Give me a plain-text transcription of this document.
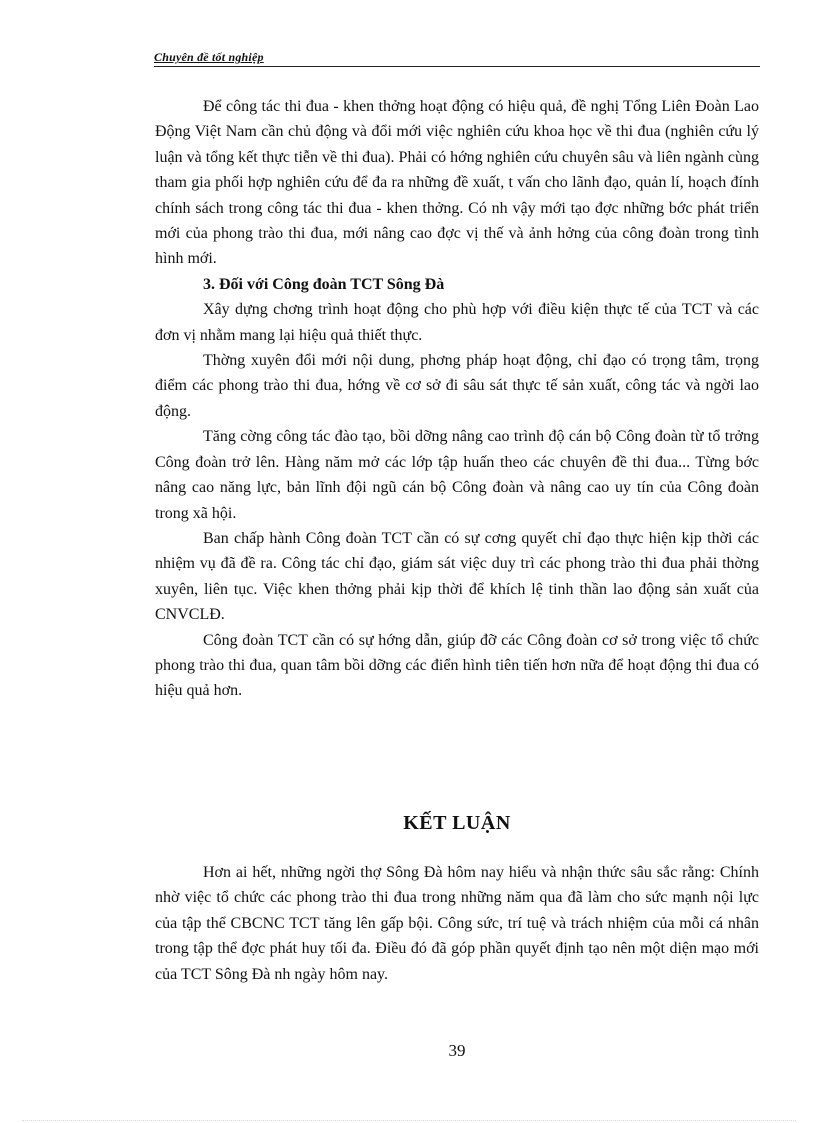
Chuyên đề tốt nghiệp

Để công tác thi đua - khen thởng hoạt động có hiệu quả, đề nghị Tổng Liên Đoàn Lao Động Việt Nam cần chủ động và đổi mới việc nghiên cứu khoa học về thi đua (nghiên cứu lý luận và tổng kết thực tiễn về thi đua). Phải có hớng nghiên cứu chuyên sâu và liên ngành cùng tham gia phối hợp nghiên cứu để đa ra những đề xuất, t vấn cho lãnh đạo, quản lí, hoạch đính chính sách trong công tác thi đua - khen thởng. Có nh vậy mới tạo đợc những bớc phát triển mới của phong trào thi đua, mới nâng cao đợc vị thế và ảnh hởng của công đoàn trong tình hình mới.

3. Đối với Công đoàn TCT Sông Đà

Xây dựng chơng trình hoạt động cho phù hợp với điều kiện thực tế của TCT và các đơn vị nhằm mang lại hiệu quả thiết thực.

Thờng xuyên đổi mới nội dung, phơng pháp hoạt động, chỉ đạo có trọng tâm, trọng điểm các phong trào thi đua, hớng về cơ sở đi sâu sát thực tế sản xuất, công tác và ngời lao động.

Tăng cờng công tác đào tạo, bồi dỡng nâng cao trình độ cán bộ Công đoàn từ tổ trởng Công đoàn trở lên. Hàng năm mở các lớp tập huấn theo các chuyên đề thi đua... Từng bớc nâng cao năng lực, bản lĩnh đội ngũ cán bộ Công đoàn và nâng cao uy tín của Công đoàn trong xã hội.

Ban chấp hành Công đoàn TCT cần có sự cơng quyết chỉ đạo thực hiện kịp thời các nhiệm vụ đã đề ra. Công tác chỉ đạo, giám sát việc duy trì các phong trào thi đua phải thờng xuyên, liên tục. Việc khen thởng phải kịp thời để khích lệ tinh thần lao động sản xuất của CNVCLĐ.

Công đoàn TCT cần có sự hớng dẫn, giúp đỡ các Công đoàn cơ sở trong việc tổ chức phong trào thi đua, quan tâm bồi dỡng các điển hình tiên tiến hơn nữa để hoạt động thi đua có hiệu quả hơn.

KẾT LUẬN

Hơn ai hết, những ngời thợ Sông Đà hôm nay hiểu và nhận thức sâu sắc rằng: Chính nhờ việc tổ chức các phong trào thi đua trong những năm qua đã làm cho sức mạnh nội lực của tập thể CBCNC TCT tăng lên gấp bội. Công sức, trí tuệ và trách nhiệm của mỗi cá nhân trong tập thể đợc phát huy tối đa. Điều đó đã góp phần quyết định tạo nên một diện mạo mới của TCT Sông Đà nh ngày hôm nay.

39
